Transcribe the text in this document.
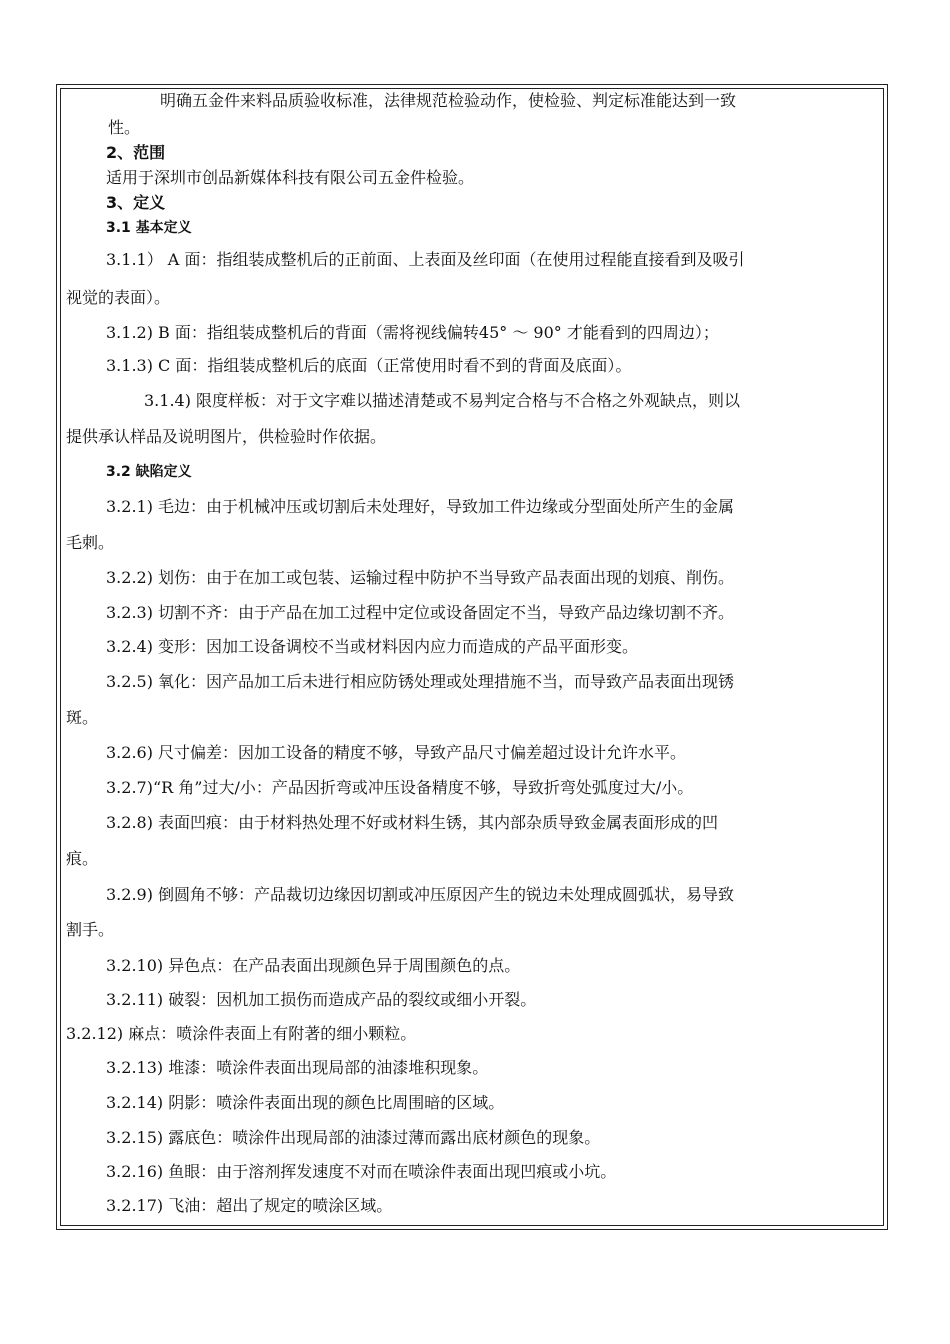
明确五金件来料品质验收标准，法律规范检验动作，使检验、判定标准能达到一致
性。
2、范围
适用于深圳市创品新媒体科技有限公司五金件检验。
3、定义
3.1 基本定义
3.1.1） A 面：指组装成整机后的正前面、上表面及丝印面（在使用过程能直接看到及吸引
视觉的表面）。
3.1.2) B 面：指组装成整机后的背面（需将视线偏转45° ～ 90° 才能看到的四周边）；
3.1.3) C 面：指组装成整机后的底面（正常使用时看不到的背面及底面）。
3.1.4) 限度样板：对于文字难以描述清楚或不易判定合格与不合格之外观缺点，则以
提供承认样品及说明图片，供检验时作依据。
3.2 缺陷定义
3.2.1) 毛边：由于机械冲压或切割后未处理好，导致加工件边缘或分型面处所产生的金属
毛刺。
3.2.2) 划伤：由于在加工或包装、运输过程中防护不当导致产品表面出现的划痕、削伤。
3.2.3) 切割不齐：由于产品在加工过程中定位或设备固定不当，导致产品边缘切割不齐。
3.2.4) 变形：因加工设备调校不当或材料因内应力而造成的产品平面形变。
3.2.5) 氧化：因产品加工后未进行相应防锈处理或处理措施不当，而导致产品表面出现锈
斑。
3.2.6) 尺寸偏差：因加工设备的精度不够，导致产品尺寸偏差超过设计允许水平。
3.2.7)“R 角”过大/小：产品因折弯或冲压设备精度不够，导致折弯处弧度过大/小。
3.2.8) 表面凹痕：由于材料热处理不好或材料生锈，其内部杂质导致金属表面形成的凹
痕。
3.2.9) 倒圆角不够：产品裁切边缘因切割或冲压原因产生的锐边未处理成圆弧状，易导致
割手。
3.2.10) 异色点：在产品表面出现颜色异于周围颜色的点。
3.2.11) 破裂：因机加工损伤而造成产品的裂纹或细小开裂。
3.2.12) 麻点：喷涂件表面上有附著的细小颗粒。
3.2.13) 堆漆：喷涂件表面出现局部的油漆堆积现象。
3.2.14) 阴影：喷涂件表面出现的颜色比周围暗的区域。
3.2.15) 露底色：喷涂件出现局部的油漆过薄而露出底材颜色的现象。
3.2.16) 鱼眼：由于溶剂挥发速度不对而在喷涂件表面出现凹痕或小坑。
3.2.17) 飞油：超出了规定的喷涂区域。
